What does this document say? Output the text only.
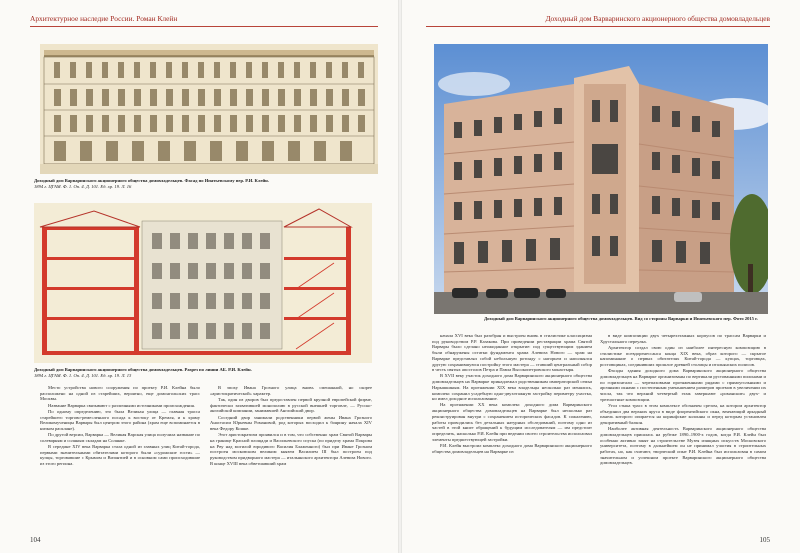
Архитектурное наследие России. Роман Клейн
Доходный дом Варваринского акционерного общества домовладельцев. Фасад по Ипатьевскому пер. Р.И. Клейн.
1894 г. ЦГАМ. Ф. 1. Оп. 4. Д. 101. Ед. хр. 19. Л. 16
Доходный дом Варваринского акционерного общества домовладельцев. Разрез по линии АБ. Р.И. Клейн.
1894 г. ЦГАМ. Ф. 1. Оп. 4. Д. 101. Ед. хр. 19. Л. 13

Место устройства нового сооружения по проекту Р.И. Клейна было расположено на одной из старейших, вероятно, еще домонгольских трасс Москвы.

Название Варварка связывают с различными источниками происхождения.

По одному определению, это была Великая улица — главная трасса старейшего торгово-ремесленного посада к востоку от Кремля, и к храму Великомученицы Варвары был центром этого района (храм еще вспоминается в низком расклане).

По другой версии, Варварка — Великая Варская улица получила название по солеварням и соляным складам на Солянке.

В середине XIV века Варварка стала одной из главных улиц Китай-города, первыми значительными обитателями которого были «сурожские гости» — купцы, торговавшие с Крымом и Византией и в основном сами происходившие из этого региона.

В эпоху Ивана Грозного улица вновь смешанной, но скорее «аристократической» характер.

Так, один из дворов был предоставлен первой крупной европейской фирме, фактически захватившей монополию в русской внешней торговле, — Русско-английской компании, занимавшей Английский двор.

Соседний двор занимали родственники первой жены Ивана Грозного Анастасии Юрьевны Романовой, род которых восходил к боярину начала XIV века Федору Кошке.

Этот аристократизм проявился и в том, что собственно храм Святой Варвары на границе Красной площади и Васильевского спуска (по приделу храма Покрова на Рву над могилой юродивого Василия Блаженного) был при Иване Грозном построен московским великим князем Василием III был построен под руководством придворного мастера — итальянского архитектора Алевиза Нового. В конце XVIII века обветшавший храм

104
Доходный дом Варваринского акционерного общества домовладельцев
105
Доходный дом Варваринского акционерного общества домовладельцев. Вид со стороны Варварки и Ипатьевского пер. Фото 2015 г.

начала XVI века был разобран и выстроен вновь в стилистике классицизма под руководством Р.Р. Казакова. При проведении реставрации храма Святой Варвары было сделано неожиданное открытие: под существующим зданием были обнаружены остатки фундамента храма Алевиза Нового — храм на Варварке представлял собой небольшую ротонду с нагорьем и наполнялся другую сохранившуюся постройку этого мастера — ставший центральный собор в честь святых апостолов Петра и Павла Высокопетровского монастыря.

В XVII веку участок доходного дома Варваринского акционерного общества домовладельцев на Варварке принадлежал родственникам императорской семьи Нарышкиным. На протяжении XIX века владельцы несколько раз менялись, комплекс сохранил усадебную одно-двухэтажную застройку периметру участка, но имел доходное использование.

На протяжении XX века комплекс доходного дома Варваринского акционерного общества домовладельцев на Варварке был несколько раз реконструирован внутри с сохранением исторических фасадов. К сожалению, работы проводились без детальных натурных обследований, поэтому одно из частей в этой книге обращений к будущим исследователям — им предстоит определить, насколько Р.И. Клейн при ведении своего строительства использовал элементы предшествующей застройки.

Р.И. Клейн выстроил комплекс доходного дома Варваринского акционерного общества домовладельцев на Варварке из

в виде композиции двух четырехэтажных корпусов по трассам Варварки и Хрустального переулка.

Архитектор создал свою один из наиболее интересную композицию в стилистике псевдоренессанса конца XIX века, образ которого — скрытое напоминание о первых обитателях Китай-города — купцах, торговцах, ростовщиках, соединивших прошлое древней столицы и итальянских полисов.

Фасады здания доходного дома Варваринского акционерного общества домовладельцев на Варварке организованы по вертикали рустованными пилонами и по горизонтали — черепаховыми протяженными рядами с прямоугольными и арочными окнами с постепенным уменьшением размеров проемов в увеличении их числа, так что верхний четвертый этаж завершают «романские» двух- и трехчастные композиции.

Угол стыка трасс в этом комплексе обозначен срезом, на котором архитектор объединил два верхних яруса в виде флорентийского окна, венчающий аркадный панель которого опирается на коринфские колонны и перед которым установлен декоративный балкон.

Наиболее активная деятельность Варваринского акционерного общества домовладельцев пришлась на рубеже 1890–1900-х годов, когда Р.И. Клейн был особенно активно занят на строительстве Музея изящных искусств Московского университета, поэтому в дальнейшем он не принимал участия в строительных работах, но, как считают, творческий опыт Р.И. Клейна был использован в самом значительном и успешном проекте Варваринского акционерного общества домовладельцев.
